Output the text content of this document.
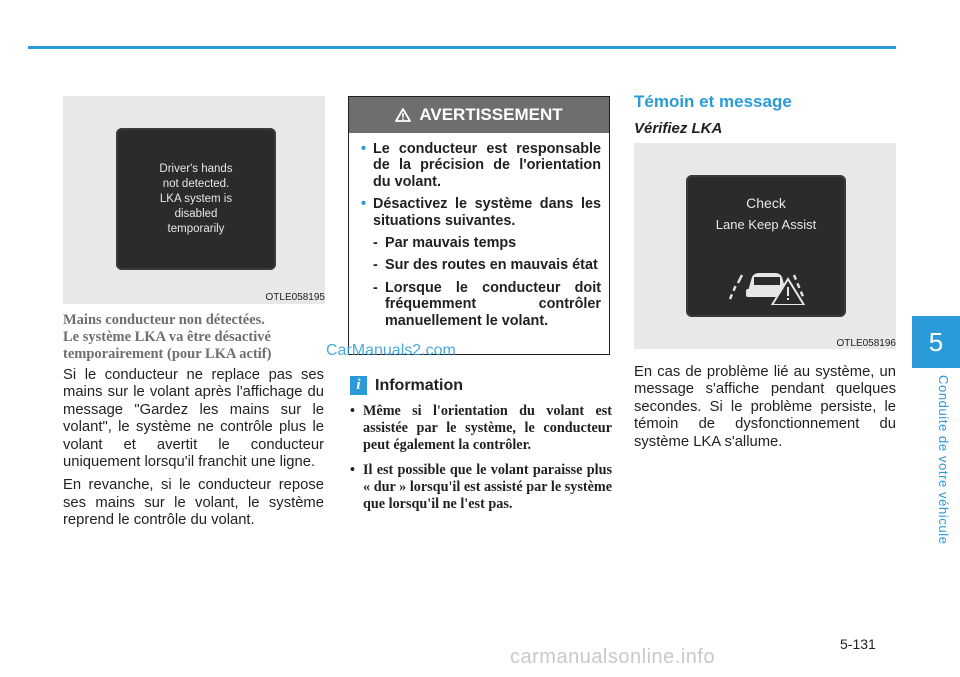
Driver's hands
not detected.
LKA system is
disabled
temporarily
OTLE058195
Mains conducteur non détectées.
Le système LKA va être désactivé
temporairement (pour LKA actif)

Si le conducteur ne replace pas ses mains sur le volant après l'affichage du message "Gardez les mains sur le volant", le système ne contrôle plus le volant et avertit le conducteur uniquement lorsqu'il franchit une ligne.

En revanche, si le conducteur repose ses mains sur le volant, le système reprend le contrôle du volant.

AVERTISSEMENT
• Le conducteur est responsable de la précision de l'orientation du volant.
• Désactivez le système dans les situations suivantes.
- Par mauvais temps
- Sur des routes en mauvais état
- Lorsque le conducteur doit fréquemment contrôler manuellement le volant.
CarManuals2.com
i Information
• Même si l'orientation du volant est assistée par le système, le conducteur peut également la contrôler.
• Il est possible que le volant paraisse plus « dur » lorsqu'il est assisté par le système que lorsqu'il ne l'est pas.
Témoin et message
Vérifiez LKA
Check
Lane Keep Assist
OTLE058196

En cas de problème lié au système, un message s'affiche pendant quelques secondes. Si le problème persiste, le témoin de dysfonctionnement du système LKA s'allume.

5
Conduite de votre véhicule
5-131
carmanualsonline.info
